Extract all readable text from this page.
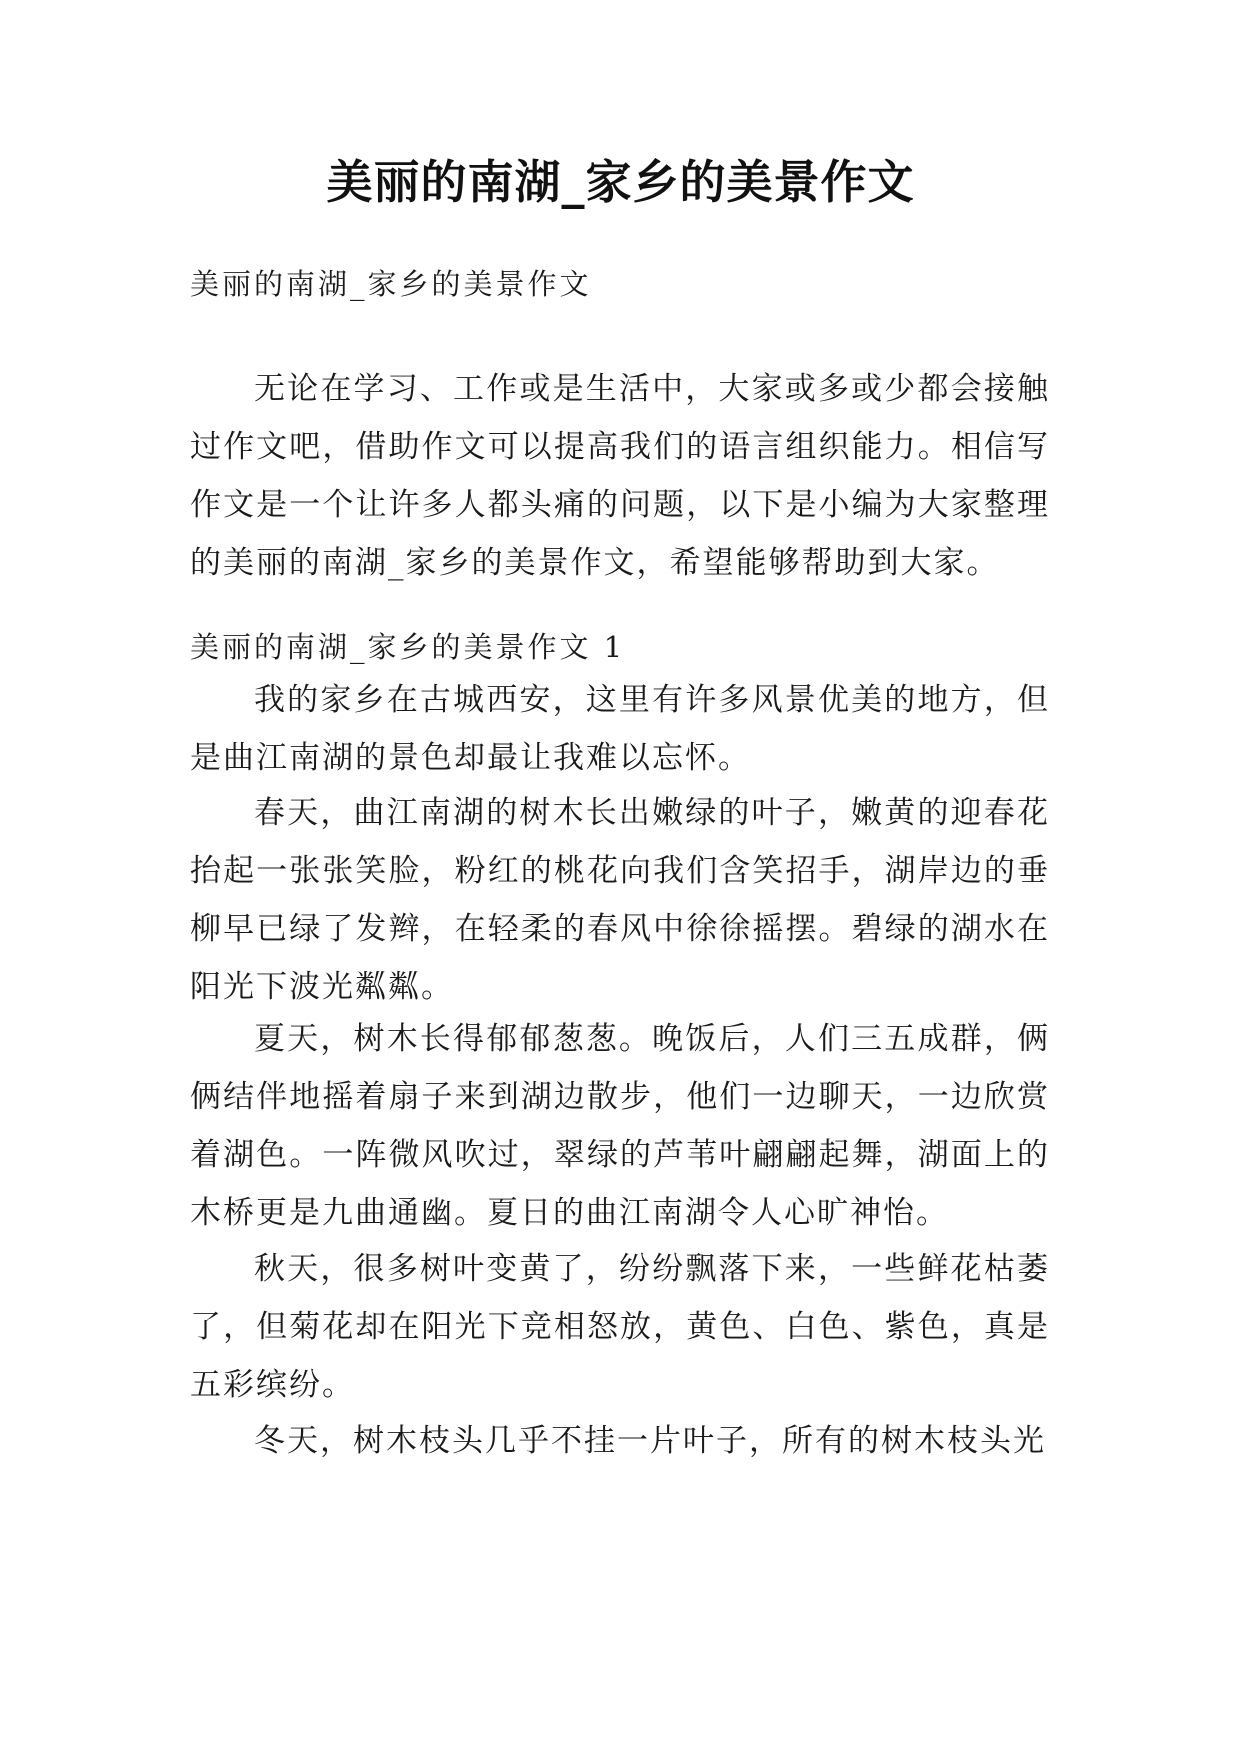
美丽的南湖_家乡的美景作文

美丽的南湖_家乡的美景作文

无论在学习、工作或是生活中，大家或多或少都会接触过作文吧，借助作文可以提高我们的语言组织能力。相信写作文是一个让许多人都头痛的问题，以下是小编为大家整理的美丽的南湖_家乡的美景作文，希望能够帮助到大家。

美丽的南湖_家乡的美景作文 1

我的家乡在古城西安，这里有许多风景优美的地方，但是曲江南湖的景色却最让我难以忘怀。

春天，曲江南湖的树木长出嫩绿的叶子，嫩黄的迎春花抬起一张张笑脸，粉红的桃花向我们含笑招手，湖岸边的垂柳早已绿了发辫，在轻柔的春风中徐徐摇摆。碧绿的湖水在阳光下波光粼粼。

夏天，树木长得郁郁葱葱。晚饭后，人们三五成群，俩俩结伴地摇着扇子来到湖边散步，他们一边聊天，一边欣赏着湖色。一阵微风吹过，翠绿的芦苇叶翩翩起舞，湖面上的木桥更是九曲通幽。夏日的曲江南湖令人心旷神怡。

秋天，很多树叶变黄了，纷纷飘落下来，一些鲜花枯萎了，但菊花却在阳光下竞相怒放，黄色、白色、紫色，真是五彩缤纷。

冬天，树木枝头几乎不挂一片叶子，所有的树木枝头光
